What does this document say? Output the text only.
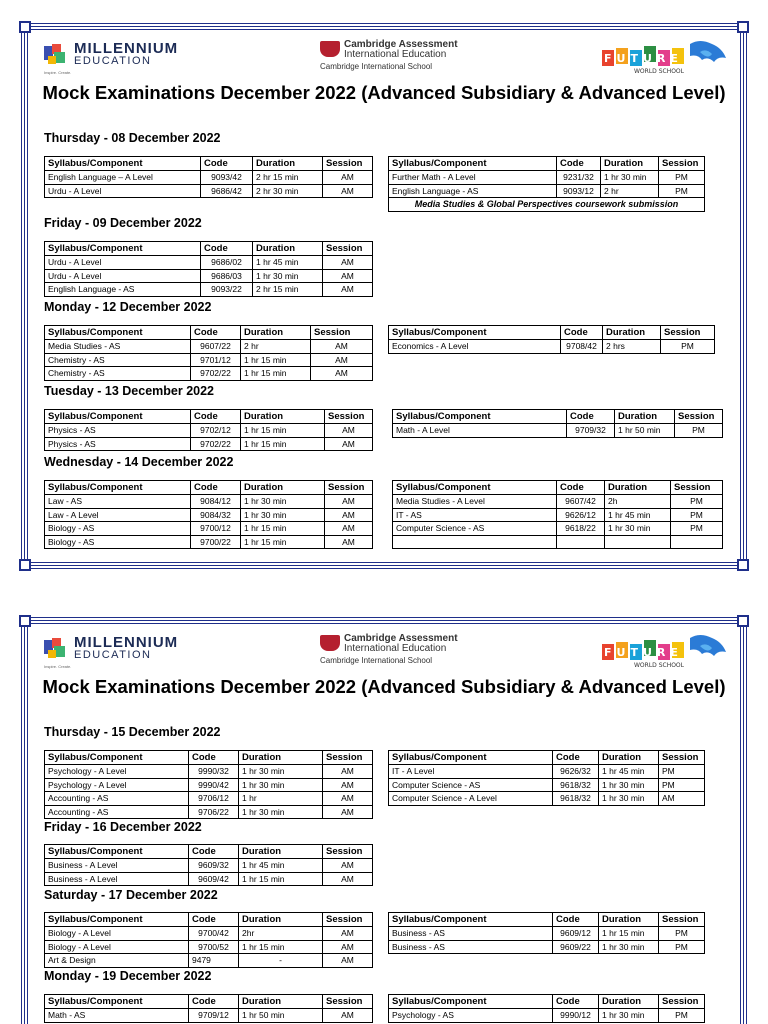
MILLENNIUM
EDUCATION
Inspire. Create.
Cambridge Assessment
International Education
Cambridge International School
FUTURE
WORLD SCHOOL
Mock Examinations December 2022 (Advanced Subsidiary & Advanced Level)
Thursday - 08 December 2022
Syllabus/Component	Code	Duration	Session
English Language – A Level	9093/42	2 hr 15 min	AM
Urdu - A Level	9686/42	2 hr 30 min	AM
Syllabus/Component	Code	Duration	Session
Further Math - A Level	9231/32	1 hr 30 min	PM
English Language - AS	9093/12	2 hr	PM
Media Studies & Global Perspectives coursework submission			
Friday - 09 December 2022
Syllabus/Component	Code	Duration	Session
Urdu - A Level	9686/02	1 hr 45 min	AM
Urdu - A Level	9686/03	1 hr 30 min	AM
English Language - AS	9093/22	2 hr 15 min	AM
Monday - 12 December 2022
Syllabus/Component	Code	Duration	Session
Media Studies - AS	9607/22	2 hr	AM
Chemistry - AS	9701/12	1 hr 15 min	AM
Chemistry - AS	9702/22	1 hr 15 min	AM
Syllabus/Component	Code	Duration	Session
Economics - A Level	9708/42	2 hrs	PM
Tuesday - 13 December 2022
Syllabus/Component	Code	Duration	Session
Physics - AS	9702/12	1 hr 15 min	AM
Physics - AS	9702/22	1 hr 15 min	AM
Syllabus/Component	Code	Duration	Session
Math - A Level	9709/32	1 hr 50 min	PM
Wednesday - 14 December 2022
Syllabus/Component	Code	Duration	Session
Law - AS	9084/12	1 hr 30 min	AM
Law - A Level	9084/32	1 hr 30 min	AM
Biology - AS	9700/12	1 hr 15 min	AM
Biology - AS	9700/22	1 hr 15 min	AM
Syllabus/Component	Code	Duration	Session
Media Studies - A Level	9607/42	2h	PM
IT - AS	9626/12	1 hr 45 min	PM
Computer Science - AS	9618/22	1 hr 30 min	PM

MILLENNIUM
EDUCATION
Inspire. Create.
Cambridge Assessment
International Education
Cambridge International School
FUTURE
WORLD SCHOOL
Mock Examinations December 2022 (Advanced Subsidiary & Advanced Level)
Thursday - 15 December 2022
Syllabus/Component	Code	Duration	Session
Psychology - A Level	9990/32	1 hr 30 min	AM
Psychology - A Level	9990/42	1 hr 30 min	AM
Accounting - AS	9706/12	1 hr	AM
Accounting - AS	9706/22	1 hr 30 min	AM
Syllabus/Component	Code	Duration	Session
IT - A Level	9626/32	1 hr 45 min	PM
Computer Science - AS	9618/32	1 hr 30 min	PM
Computer Science - A Level	9618/32	1 hr 30 min	AM
Friday - 16 December 2022
Syllabus/Component	Code	Duration	Session
Business - A Level	9609/32	1 hr 45 min	AM
Business - A Level	9609/42	1 hr 15 min	AM
Saturday - 17 December 2022
Syllabus/Component	Code	Duration	Session
Biology - A Level	9700/42	2hr	AM
Biology - A Level	9700/52	1 hr 15 min	AM
Art & Design	9479	-	AM
Syllabus/Component	Code	Duration	Session
Business - AS	9609/12	1 hr 15 min	PM
Business - AS	9609/22	1 hr 30 min	PM
Monday - 19 December 2022
Syllabus/Component	Code	Duration	Session
Math - AS	9709/12	1 hr 50 min	AM
Syllabus/Component	Code	Duration	Session
Psychology - AS	9990/12	1 hr 30 min	PM
